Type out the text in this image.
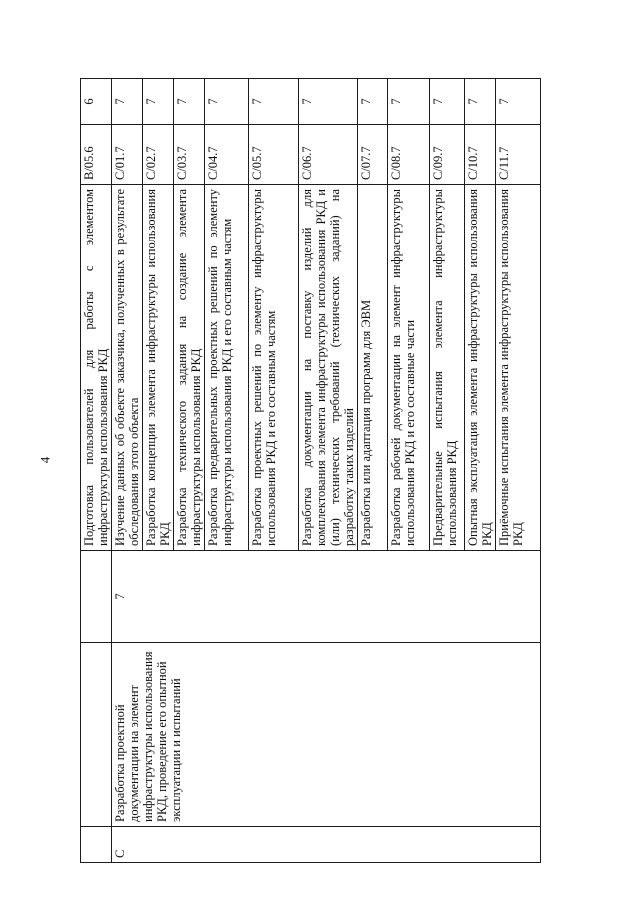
4
			Подготовка пользователей для работы с элементом инфраструктуры использования РКД	B/05.6	6
C	Разработка проектной документации на элемент инфраструктуры использования РКД, проведение его опытной эксплуатации и испытаний	7	Изучение данных об объекте заказчика, полученных в результате обследования этого объекта	C/01.7	7
			Разработка концепции элемента инфраструктуры использования РКД	C/02.7	7
			Разработка технического задания на создание элемента инфраструктуры использования РКД	C/03.7	7
			Разработка предварительных проектных решений по элементу инфраструктуры использования РКД и его составным частям	C/04.7	7
			Разработка проектных решений по элементу инфраструктуры использования РКД и его составным частям	C/05.7	7
			Разработка документации на поставку изделий для комплектования элемента инфраструктуры использования РКД и (или) технических требований (технических заданий) на разработку таких изделий	C/06.7	7
			Разработка или адаптация программ для ЭВМ	C/07.7	7
			Разработка рабочей документации на элемент инфраструктуры использования РКД и его составные части	C/08.7	7
			Предварительные испытания элемента инфраструктуры использования РКД	C/09.7	7
			Опытная эксплуатация элемента инфраструктуры использования РКД	C/10.7	7
			Приёмочные испытания элемента инфраструктуры использования РКД	C/11.7	7
